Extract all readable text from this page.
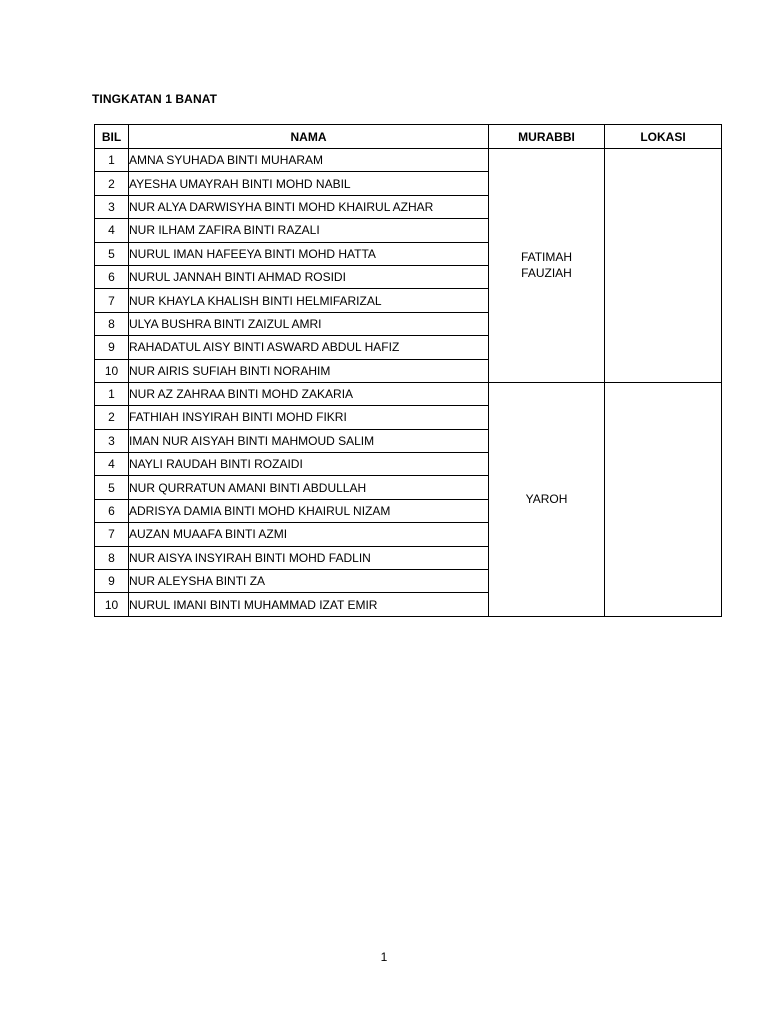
TINGKATAN 1 BANAT
BIL	NAMA	MURABBI	LOKASI
1	AMNA SYUHADA BINTI MUHARAM	FATIMAH
FAUZIAH	

2	AYESHA UMAYRAH BINTI MOHD NABIL		
3	NUR ALYA DARWISYHA BINTI MOHD KHAIRUL AZHAR		
4	NUR ILHAM ZAFIRA BINTI RAZALI		
5	NURUL IMAN HAFEEYA BINTI MOHD HATTA		
6	NURUL JANNAH BINTI AHMAD ROSIDI		
7	NUR KHAYLA KHALISH BINTI HELMIFARIZAL		
8	ULYA BUSHRA BINTI ZAIZUL AMRI		
9	RAHADATUL AISY BINTI ASWARD ABDUL HAFIZ		
10	NUR AIRIS SUFIAH BINTI NORAHIM		
1	NUR AZ ZAHRAA BINTI MOHD ZAKARIA	YAROH	

2	FATHIAH INSYIRAH BINTI MOHD FIKRI		
3	IMAN NUR AISYAH BINTI MAHMOUD SALIM		
4	NAYLI RAUDAH BINTI ROZAIDI		
5	NUR QURRATUN AMANI BINTI ABDULLAH		
6	ADRISYA DAMIA BINTI MOHD KHAIRUL NIZAM		
7	AUZAN MUAAFA BINTI AZMI		
8	NUR AISYA INSYIRAH BINTI MOHD FADLIN		
9	NUR ALEYSHA BINTI ZA		
10	NURUL IMANI BINTI MUHAMMAD IZAT EMIR		
1
